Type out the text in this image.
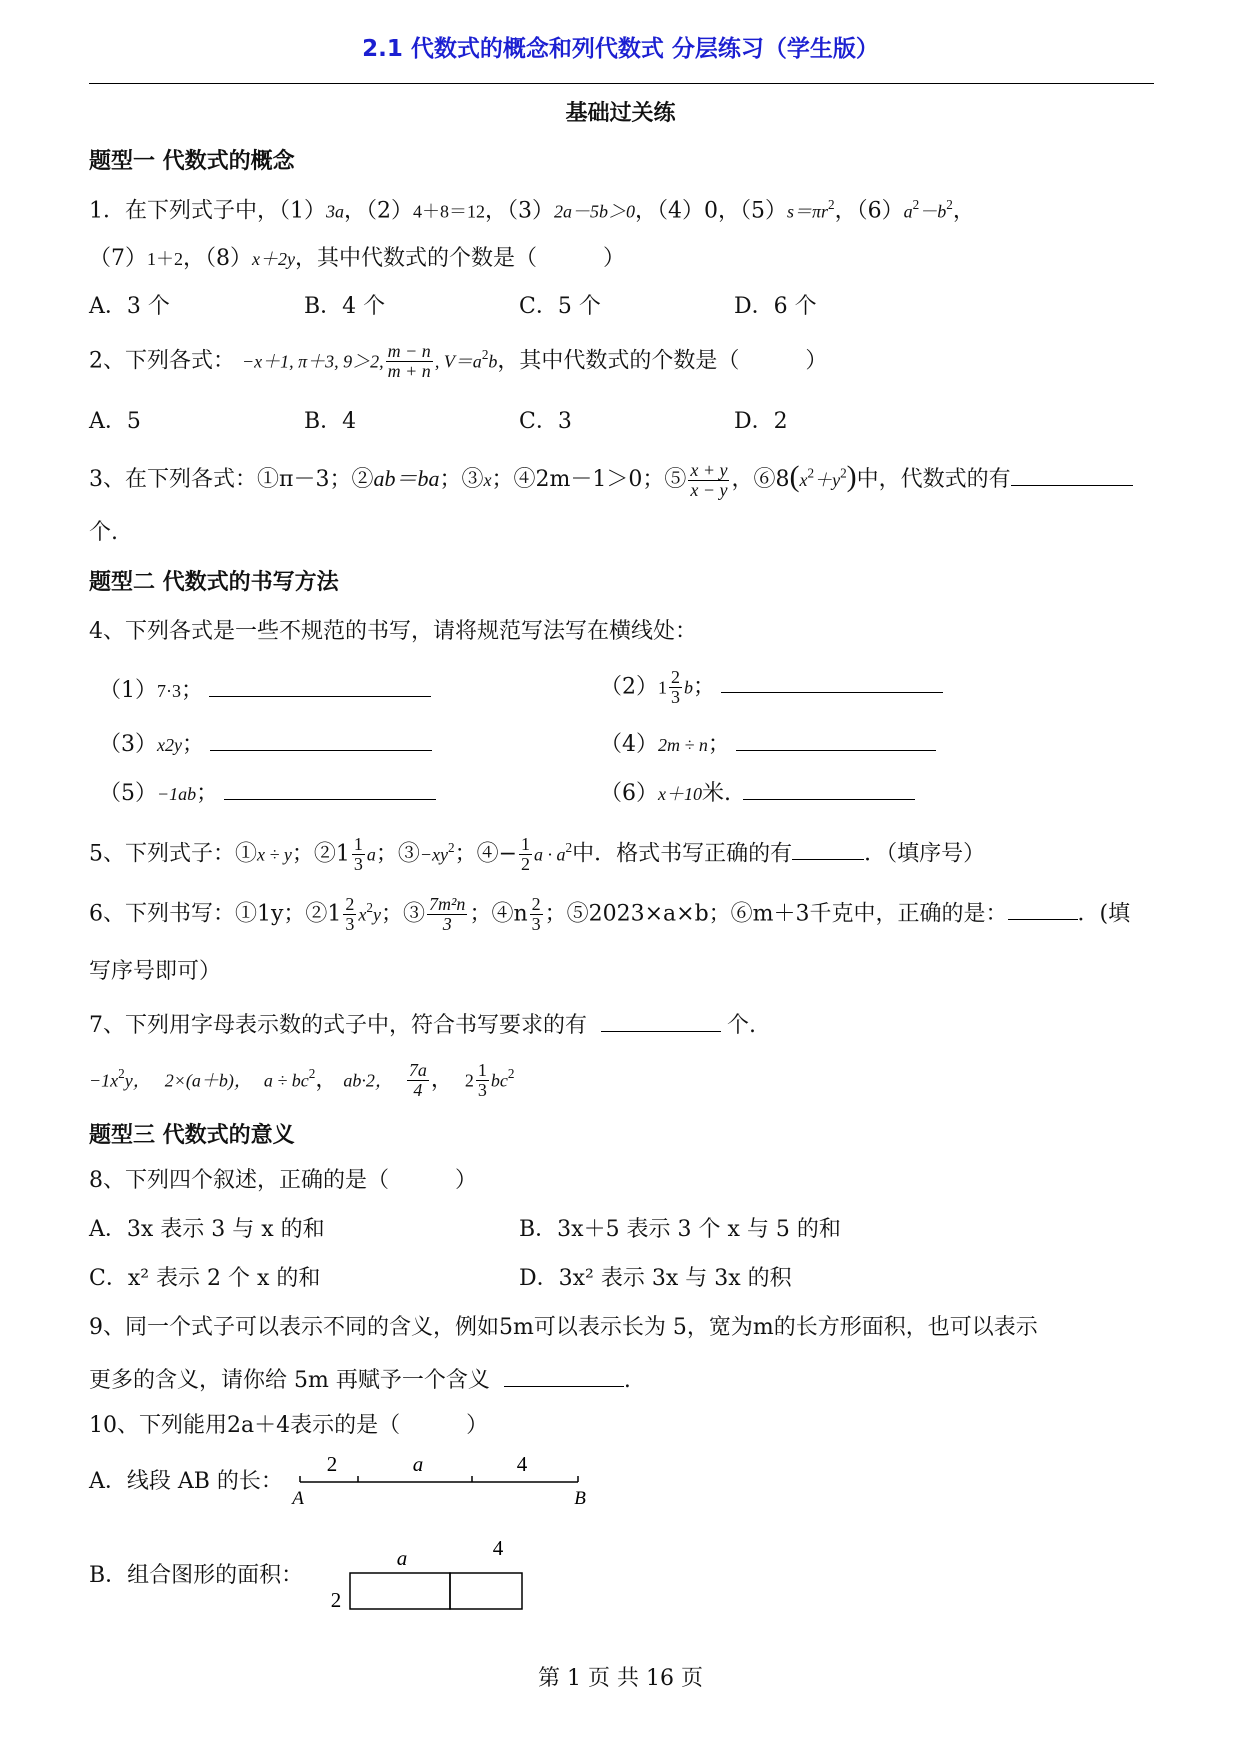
2.1 代数式的概念和列代数式 分层练习（学生版）
基础过关练
题型一 代数式的概念
1．在下列式子中，（1）3a，（2）4＋8＝12，（3）2a－5b＞0，（4）0，$(5)s=\pi r^2$，$(6)a^2-b^2$，
（7）1＋2，（8）x＋2y，其中代数式的个数是（　　　）
A．3 个	B．4 个	C．5 个	D．6 个
2、下列各式： −x＋1, π＋3, 9＞2, $\frac{m - n}{m + n}$ , $V=a^2b$，其中代数式的个数是（　　　）
A．5	B．4	C．3	D．2
3、在下列各式：①π－3；②ab＝ba；③x；④2m－1＞0；⑤ $\frac{x + y}{x - y}$ ，$⑥8(x^2+y^2)$中，代数式的有
个.
题型二 代数式的书写方法
4、下列各式是一些不规范的书写，请将规范写法写在横线处：
（1）7·3；	$(2)1 \frac{2}{3}$ b；
（3）x2y；	（4）2m ÷ n；
（5）−1ab；	（6）x＋10米.
5、下列式子：①x ÷ y；②1 $\frac{1}{3}$ a；$③-xy^2$；④− $\frac{1}{2}$ $a \cdot a^2$中．格式书写正确的有	．（填序号）
6、下列书写：①1y；②1 $\frac{2}{3} x^2y$；③ $\frac{\text{7m²n}}{3}$ ；④n $\frac{2}{3}$ ；⑤2023×a×b；⑥m＋3千克中，正确的是：	．(填
写序号即可）
7、下列用字母表示数的式子中，符合书写要求的有	个.
$-1x^2y$， 2×(a＋b)， $a \div bc^2$， ab·2， $\frac{7a}{4}$ ， $2 \frac{1}{3} bc^2$
题型三 代数式的意义
8、下列四个叙述，正确的是（　　　）
A．3x 表示 3 与 x 的和	B．3x＋5 表示 3 个 x 与 5 的和
C．x² 表示 2 个 x 的和	D．3x² 表示 3x 与 3x 的积
9、同一个式子可以表示不同的含义，例如5m可以表示长为 5，宽为m的长方形面积，也可以表示
更多的含义，请你给 5m 再赋予一个含义	.
10、下列能用2a＋4表示的是（　　　）
A．线段 AB 的长：
2	a	4
A	B
B．组合图形的面积：
a	4
2
第 1 页 共 16 页
